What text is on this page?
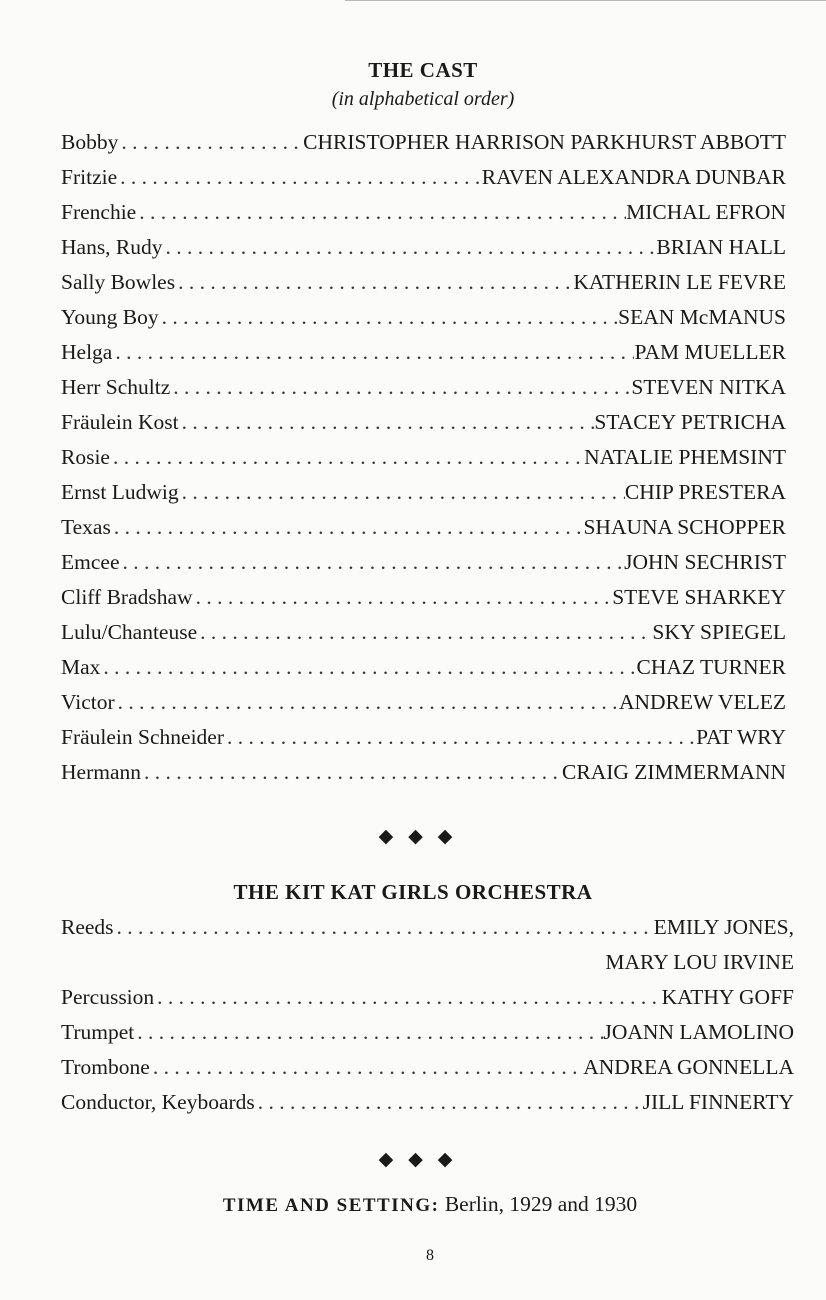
THE CAST
(in alphabetical order)
Bobby . . .	CHRISTOPHER HARRISON PARKHURST ABBOTT
Fritzie . . .	RAVEN ALEXANDRA DUNBAR
Frenchie . . .	MICHAL EFRON
Hans, Rudy . . .	BRIAN HALL
Sally Bowles . . .	KATHERIN LE FEVRE
Young Boy . . .	SEAN McMANUS
Helga . . .	PAM MUELLER
Herr Schultz . . .	STEVEN NITKA
Fräulein Kost . . .	STACEY PETRICHA
Rosie . . .	NATALIE PHEMSINT
Ernst Ludwig . . .	CHIP PRESTERA
Texas . . .	SHAUNA SCHOPPER
Emcee . . .	JOHN SECHRIST
Cliff Bradshaw . . .	STEVE SHARKEY
Lulu/Chanteuse . . .	SKY SPIEGEL
Max . . .	CHAZ TURNER
Victor . . .	ANDREW VELEZ
Fräulein Schneider . . .	PAT WRY
Hermann . . .	CRAIG ZIMMERMANN
◆◆◆
THE KIT KAT GIRLS ORCHESTRA
Reeds . . .	EMILY JONES,
MARY LOU IRVINE
Percussion . . .	KATHY GOFF
Trumpet . . .	JOANN LAMOLINO
Trombone . . .	ANDREA GONNELLA
Conductor, Keyboards . . .	JILL FINNERTY
◆◆◆
TIME AND SETTING: Berlin, 1929 and 1930
8
